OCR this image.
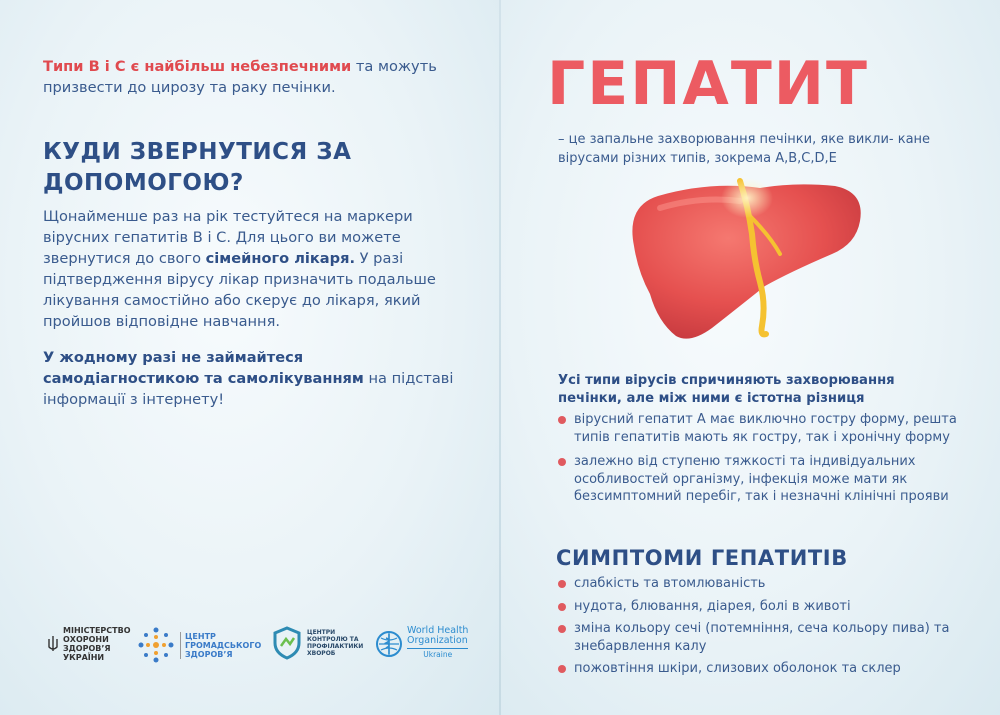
Типи В і С є найбільш небезпечними та можуть призвести до цирозу та раку печінки.

КУДИ ЗВЕРНУТИСЯ ЗА ДОПОМОГОЮ?

Щонайменше раз на рік тестуйтеся на маркери вірусних гепатитів В і С. Для цього ви можете звернутися до свого сімейного лікаря. У разі підтвердження вірусу лікар призначить подальше лікування самостійно або скерує до лікаря, який пройшов відповідне навчання.

У жодному разі не займайтеся самодіагностикою та самолікуванням на підставі інформації з інтернету!

МІНІСТЕРСТВО ОХОРОНИ ЗДОРОВ’Я УКРАЇНИ
ЦЕНТР ГРОМАДСЬКОГО ЗДОРОВ’Я
ЦЕНТРИ КОНТРОЛЮ ТА ПРОФІЛАКТИКИ ХВОРОБ
World Health
Organization
Ukraine
ГЕПАТИТ

– це запальне захворювання печінки, яке викли- кане вірусами різних типів, зокрема А,В,С,D,Е

Усі типи вірусів спричиняють захворювання печінки, але між ними є істотна різниця

вірусний гепатит А має виключно гостру форму, решта типів гепатитів мають як гостру, так і хронічну форму
залежно від ступеню тяжкості та індивідуальних особливостей організму, інфекція може мати як безсимптомний перебіг, так і незначні клінічні прояви
СИМПТОМИ ГЕПАТИТІВ
слабкість та втомлюваність
нудота, блювання, діарея, болі в животі
зміна кольору сечі (потемніння, сеча кольору пива) та знебарвлення калу
пожовтіння шкіри, слизових оболонок та склер
